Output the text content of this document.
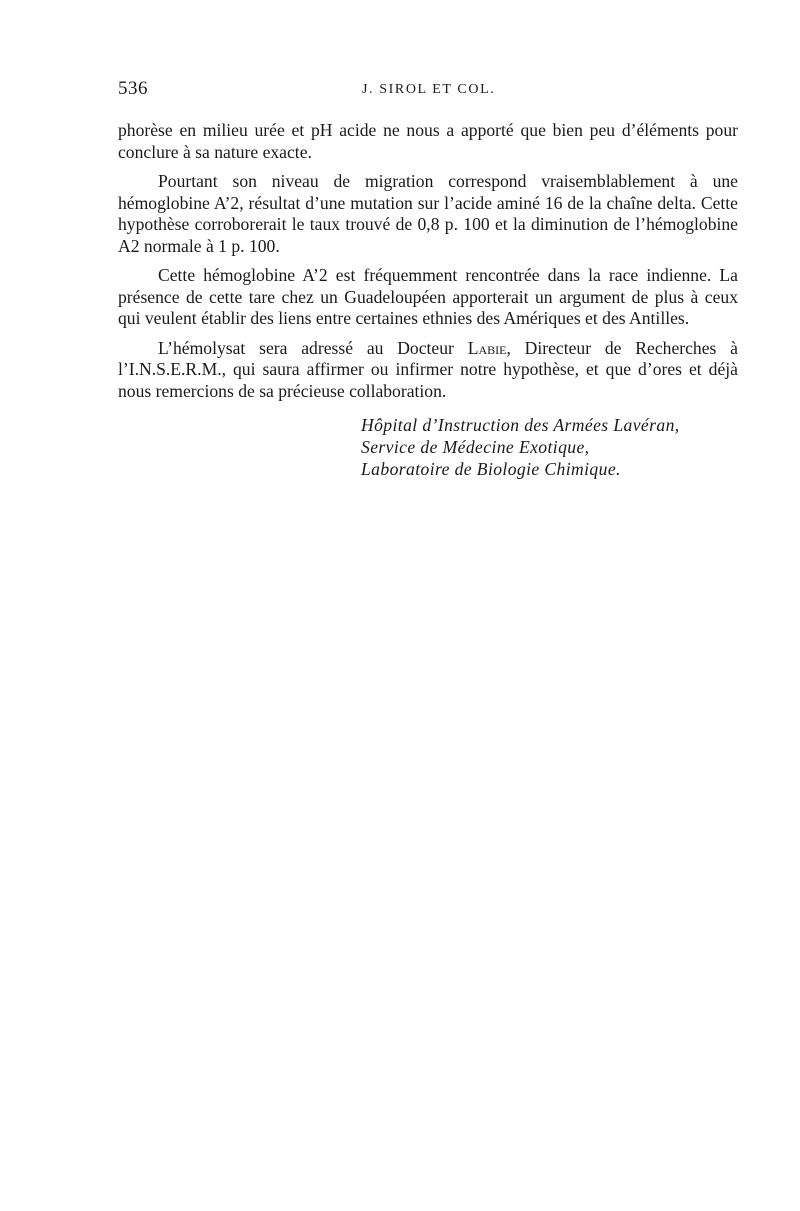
536	J. SIROL ET COL.

phorèse en milieu urée et pH acide ne nous a apporté que bien peu d’éléments pour conclure à sa nature exacte.

Pourtant son niveau de migration correspond vraisemblablement à une hémoglobine A’2, résultat d’une mutation sur l’acide aminé 16 de la chaîne delta. Cette hypothèse corroborerait le taux trouvé de 0,8 p. 100 et la diminution de l’hémoglobine A2 normale à 1 p. 100.

Cette hémoglobine A’2 est fréquemment rencontrée dans la race indienne. La présence de cette tare chez un Guadeloupéen apporterait un argument de plus à ceux qui veulent établir des liens entre certaines ethnies des Amériques et des Antilles.

L’hémolysat sera adressé au Docteur Labie, Directeur de Recherches à l’I.N.S.E.R.M., qui saura affirmer ou infirmer notre hypothèse, et que d’ores et déjà nous remercions de sa précieuse collaboration.

Hôpital d’Instruction des Armées Lavéran,
Service de Médecine Exotique,
Laboratoire de Biologie Chimique.
